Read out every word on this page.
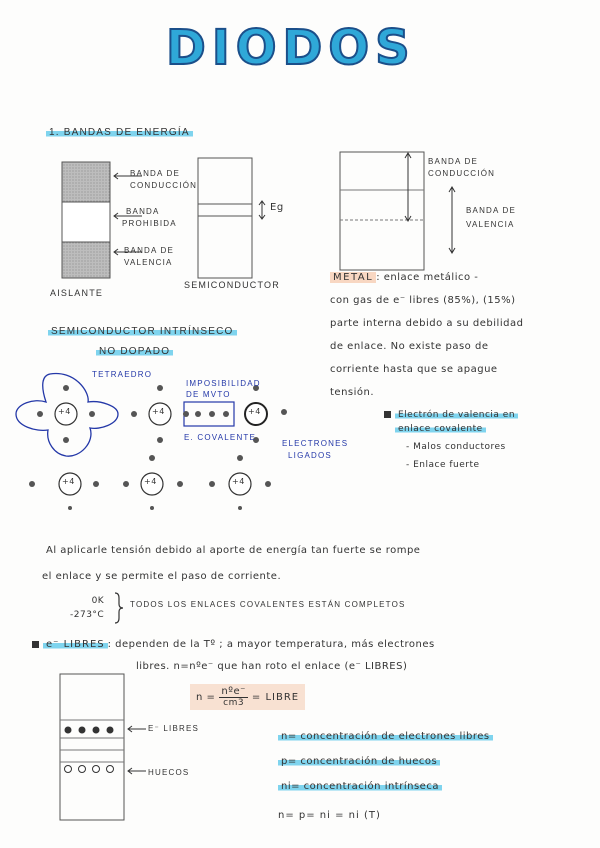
DIODOS
1. BANDAS DE ENERGÍA
BANDA DE
CONDUCCIÓN
BANDA
PROHIBIDA
BANDA DE
VALENCIA
Eg
AISLANTE
SEMICONDUCTOR
BANDA DE
CONDUCCIÓN
BANDA DE
VALENCIA
METAL : enlace metálico -
con gas de e⁻ libres (85%), (15%)
parte interna debido a su debilidad
de enlace. No existe paso de
corriente hasta que se apague
tensión.
SEMICONDUCTOR INTRÍNSECO
NO DOPADO
+4	+4	+4
+4	+4	+4
TETRAEDRO
IMPOSIBILIDAD
DE MVTO
E. COVALENTE
ELECTRONES
LIGADOS
Electrón de valencia en
enlace covalente
- Malos conductores
- Enlace fuerte
Al aplicarle tensión debido al aporte de energía tan fuerte se rompe
el enlace y se permite el paso de corriente.
0K
-273°C
TODOS LOS ENLACES COVALENTES ESTÁN COMPLETOS
e⁻ LIBRES : dependen de la Tº ; a mayor temperatura, más electrones
libres. n=nºe⁻ que han roto el enlace (e⁻ LIBRES)
E⁻ LIBRES
HUECOS
n = nºe⁻
cm3
= LIBRE
n= concentración de electrones libres
p= concentración de huecos
ni= concentración intrínseca
n= p= ni = ni (T)
